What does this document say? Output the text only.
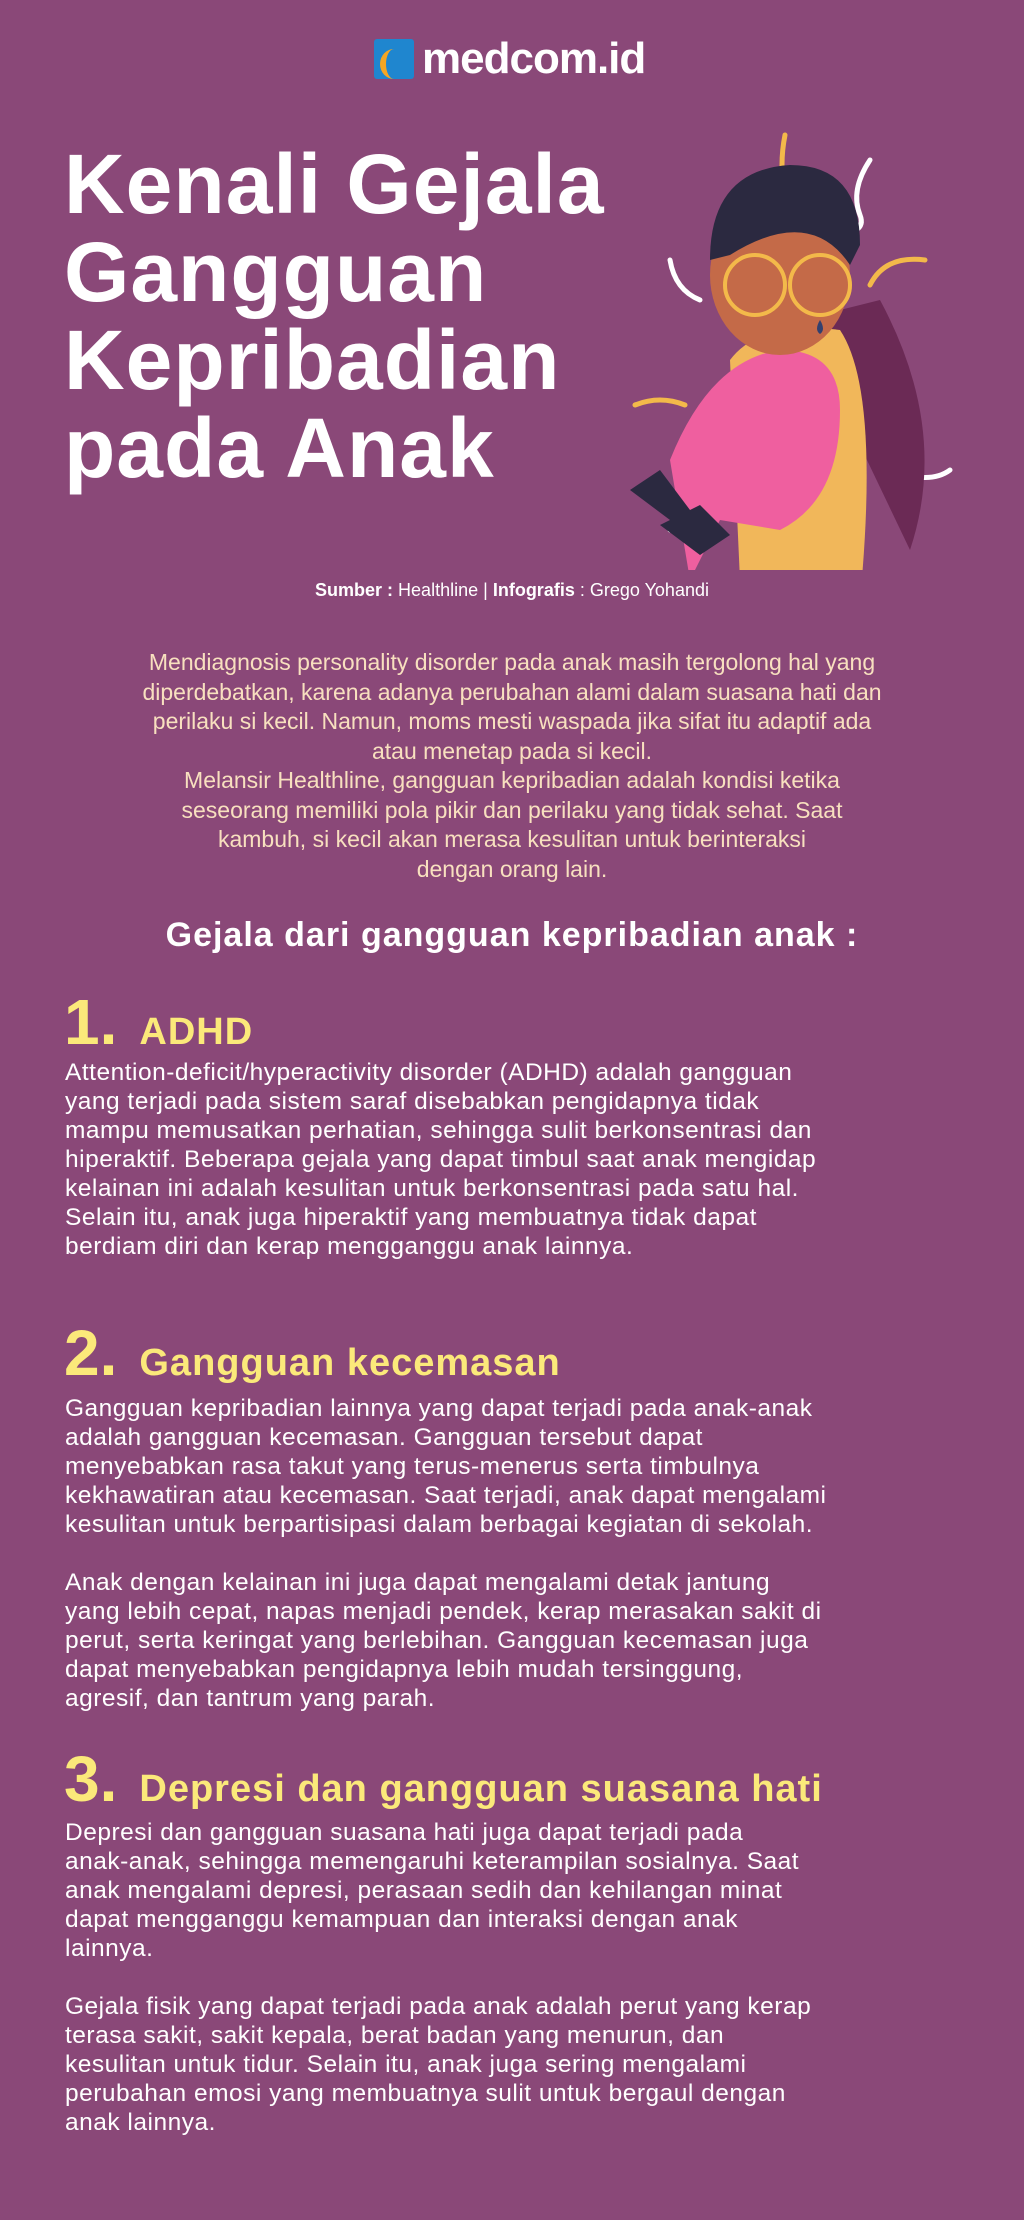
medcom.id
Kenali Gejala
Gangguan
Kepribadian
pada Anak
Sumber : Healthline | Infografis : Grego Yohandi
Mendiagnosis personality disorder pada anak masih tergolong hal yang
diperdebatkan, karena adanya perubahan alami dalam suasana hati dan
perilaku si kecil. Namun, moms mesti waspada jika sifat itu adaptif ada
atau menetap pada si kecil.
Melansir Healthline, gangguan kepribadian adalah kondisi ketika
seseorang memiliki pola pikir dan perilaku yang tidak sehat. Saat
kambuh, si kecil akan merasa kesulitan untuk berinteraksi
dengan orang lain.
Gejala dari gangguan kepribadian anak :
1. ADHD
Attention-deficit/hyperactivity disorder (ADHD) adalah gangguan
yang terjadi pada sistem saraf disebabkan pengidapnya tidak
mampu memusatkan perhatian, sehingga sulit berkonsentrasi dan
hiperaktif. Beberapa gejala yang dapat timbul saat anak mengidap
kelainan ini adalah kesulitan untuk berkonsentrasi pada satu hal.
Selain itu, anak juga hiperaktif yang membuatnya tidak dapat
berdiam diri dan kerap mengganggu anak lainnya.
2. Gangguan kecemasan
Gangguan kepribadian lainnya yang dapat terjadi pada anak-anak
adalah gangguan kecemasan. Gangguan tersebut dapat
menyebabkan rasa takut yang terus-menerus serta timbulnya
kekhawatiran atau kecemasan. Saat terjadi, anak dapat mengalami
kesulitan untuk berpartisipasi dalam berbagai kegiatan di sekolah.
Anak dengan kelainan ini juga dapat mengalami detak jantung
yang lebih cepat, napas menjadi pendek, kerap merasakan sakit di
perut, serta keringat yang berlebihan. Gangguan kecemasan juga
dapat menyebabkan pengidapnya lebih mudah tersinggung,
agresif, dan tantrum yang parah.
3. Depresi dan gangguan suasana hati
Depresi dan gangguan suasana hati juga dapat terjadi pada
anak-anak, sehingga memengaruhi keterampilan sosialnya. Saat
anak mengalami depresi, perasaan sedih dan kehilangan minat
dapat mengganggu kemampuan dan interaksi dengan anak
lainnya.
Gejala fisik yang dapat terjadi pada anak adalah perut yang kerap
terasa sakit, sakit kepala, berat badan yang menurun, dan
kesulitan untuk tidur. Selain itu, anak juga sering mengalami
perubahan emosi yang membuatnya sulit untuk bergaul dengan
anak lainnya.
